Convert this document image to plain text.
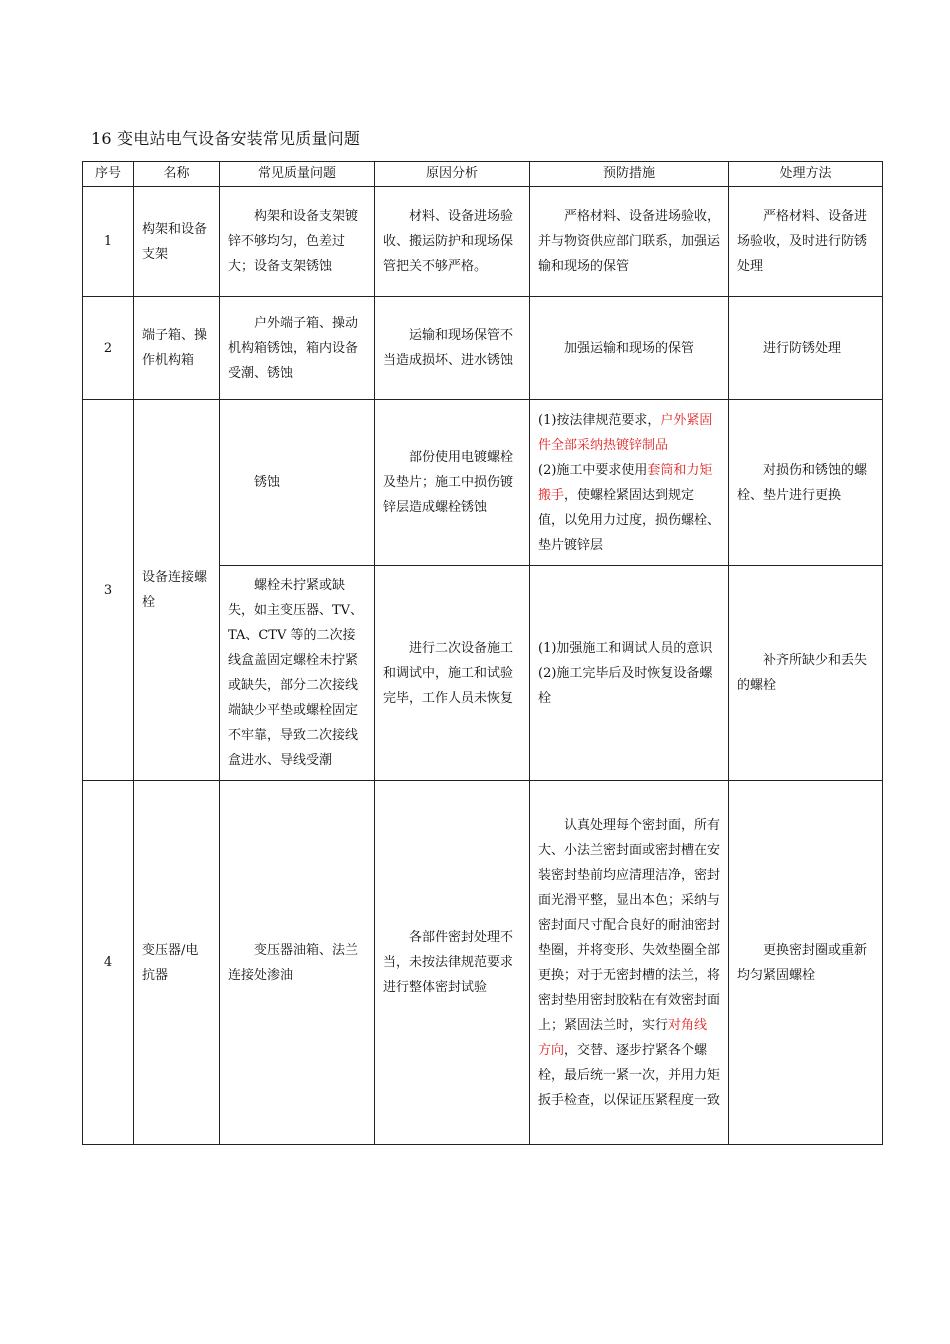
16 变电站电气设备安装常见质量问题
序号	名称	常见质量问题	原因分析	预防措施	处理方法
1	构架和设备支架	构架和设备支架镀锌不够均匀，色差过大；设备支架锈蚀	材料、设备进场验收、搬运防护和现场保管把关不够严格。	严格材料、设备进场验收，并与物资供应部门联系，加强运输和现场的保管	严格材料、设备进场验收，及时进行防锈处理
2	端子箱、操作机构箱	户外端子箱、操动机构箱锈蚀，箱内设备受潮、锈蚀	运输和现场保管不当造成损坏、进水锈蚀	加强运输和现场的保管	进行防锈处理
3	设备连接螺栓	锈蚀	部份使用电镀螺栓及垫片；施工中损伤镀锌层造成螺栓锈蚀	(1)按法律规范要求，户外紧固件全部采纳热镀锌制品
(2)施工中要求使用套筒和力矩搬手，使螺栓紧固达到规定值，以免用力过度，损伤螺栓、垫片镀锌层	对损伤和锈蚀的螺栓、垫片进行更换
		螺栓未拧紧或缺失，如主变压器、TV、TA、CTV 等的二次接线盒盖固定螺栓未拧紧或缺失，部分二次接线端缺少平垫或螺栓固定不牢靠，导致二次接线盒进水、导线受潮	进行二次设备施工和调试中，施工和试验完毕，工作人员未恢复	(1)加强施工和调试人员的意识
(2)施工完毕后及时恢复设备螺栓	补齐所缺少和丢失的螺栓
4	变压器/电抗器	变压器油箱、法兰连接处渗油	各部件密封处理不当，未按法律规范要求进行整体密封试验	认真处理每个密封面，所有大、小法兰密封面或密封槽在安装密封垫前均应清理洁净，密封面光滑平整，显出本色；采纳与密封面尺寸配合良好的耐油密封垫圈，并将变形、失效垫圈全部更换；对于无密封槽的法兰，将密封垫用密封胶粘在有效密封面上；紧固法兰时，实行对角线方向，交替、逐步拧紧各个螺栓，最后统一紧一次，并用力矩扳手检查，以保证压紧程度一致	更换密封圈或重新均匀紧固螺栓
